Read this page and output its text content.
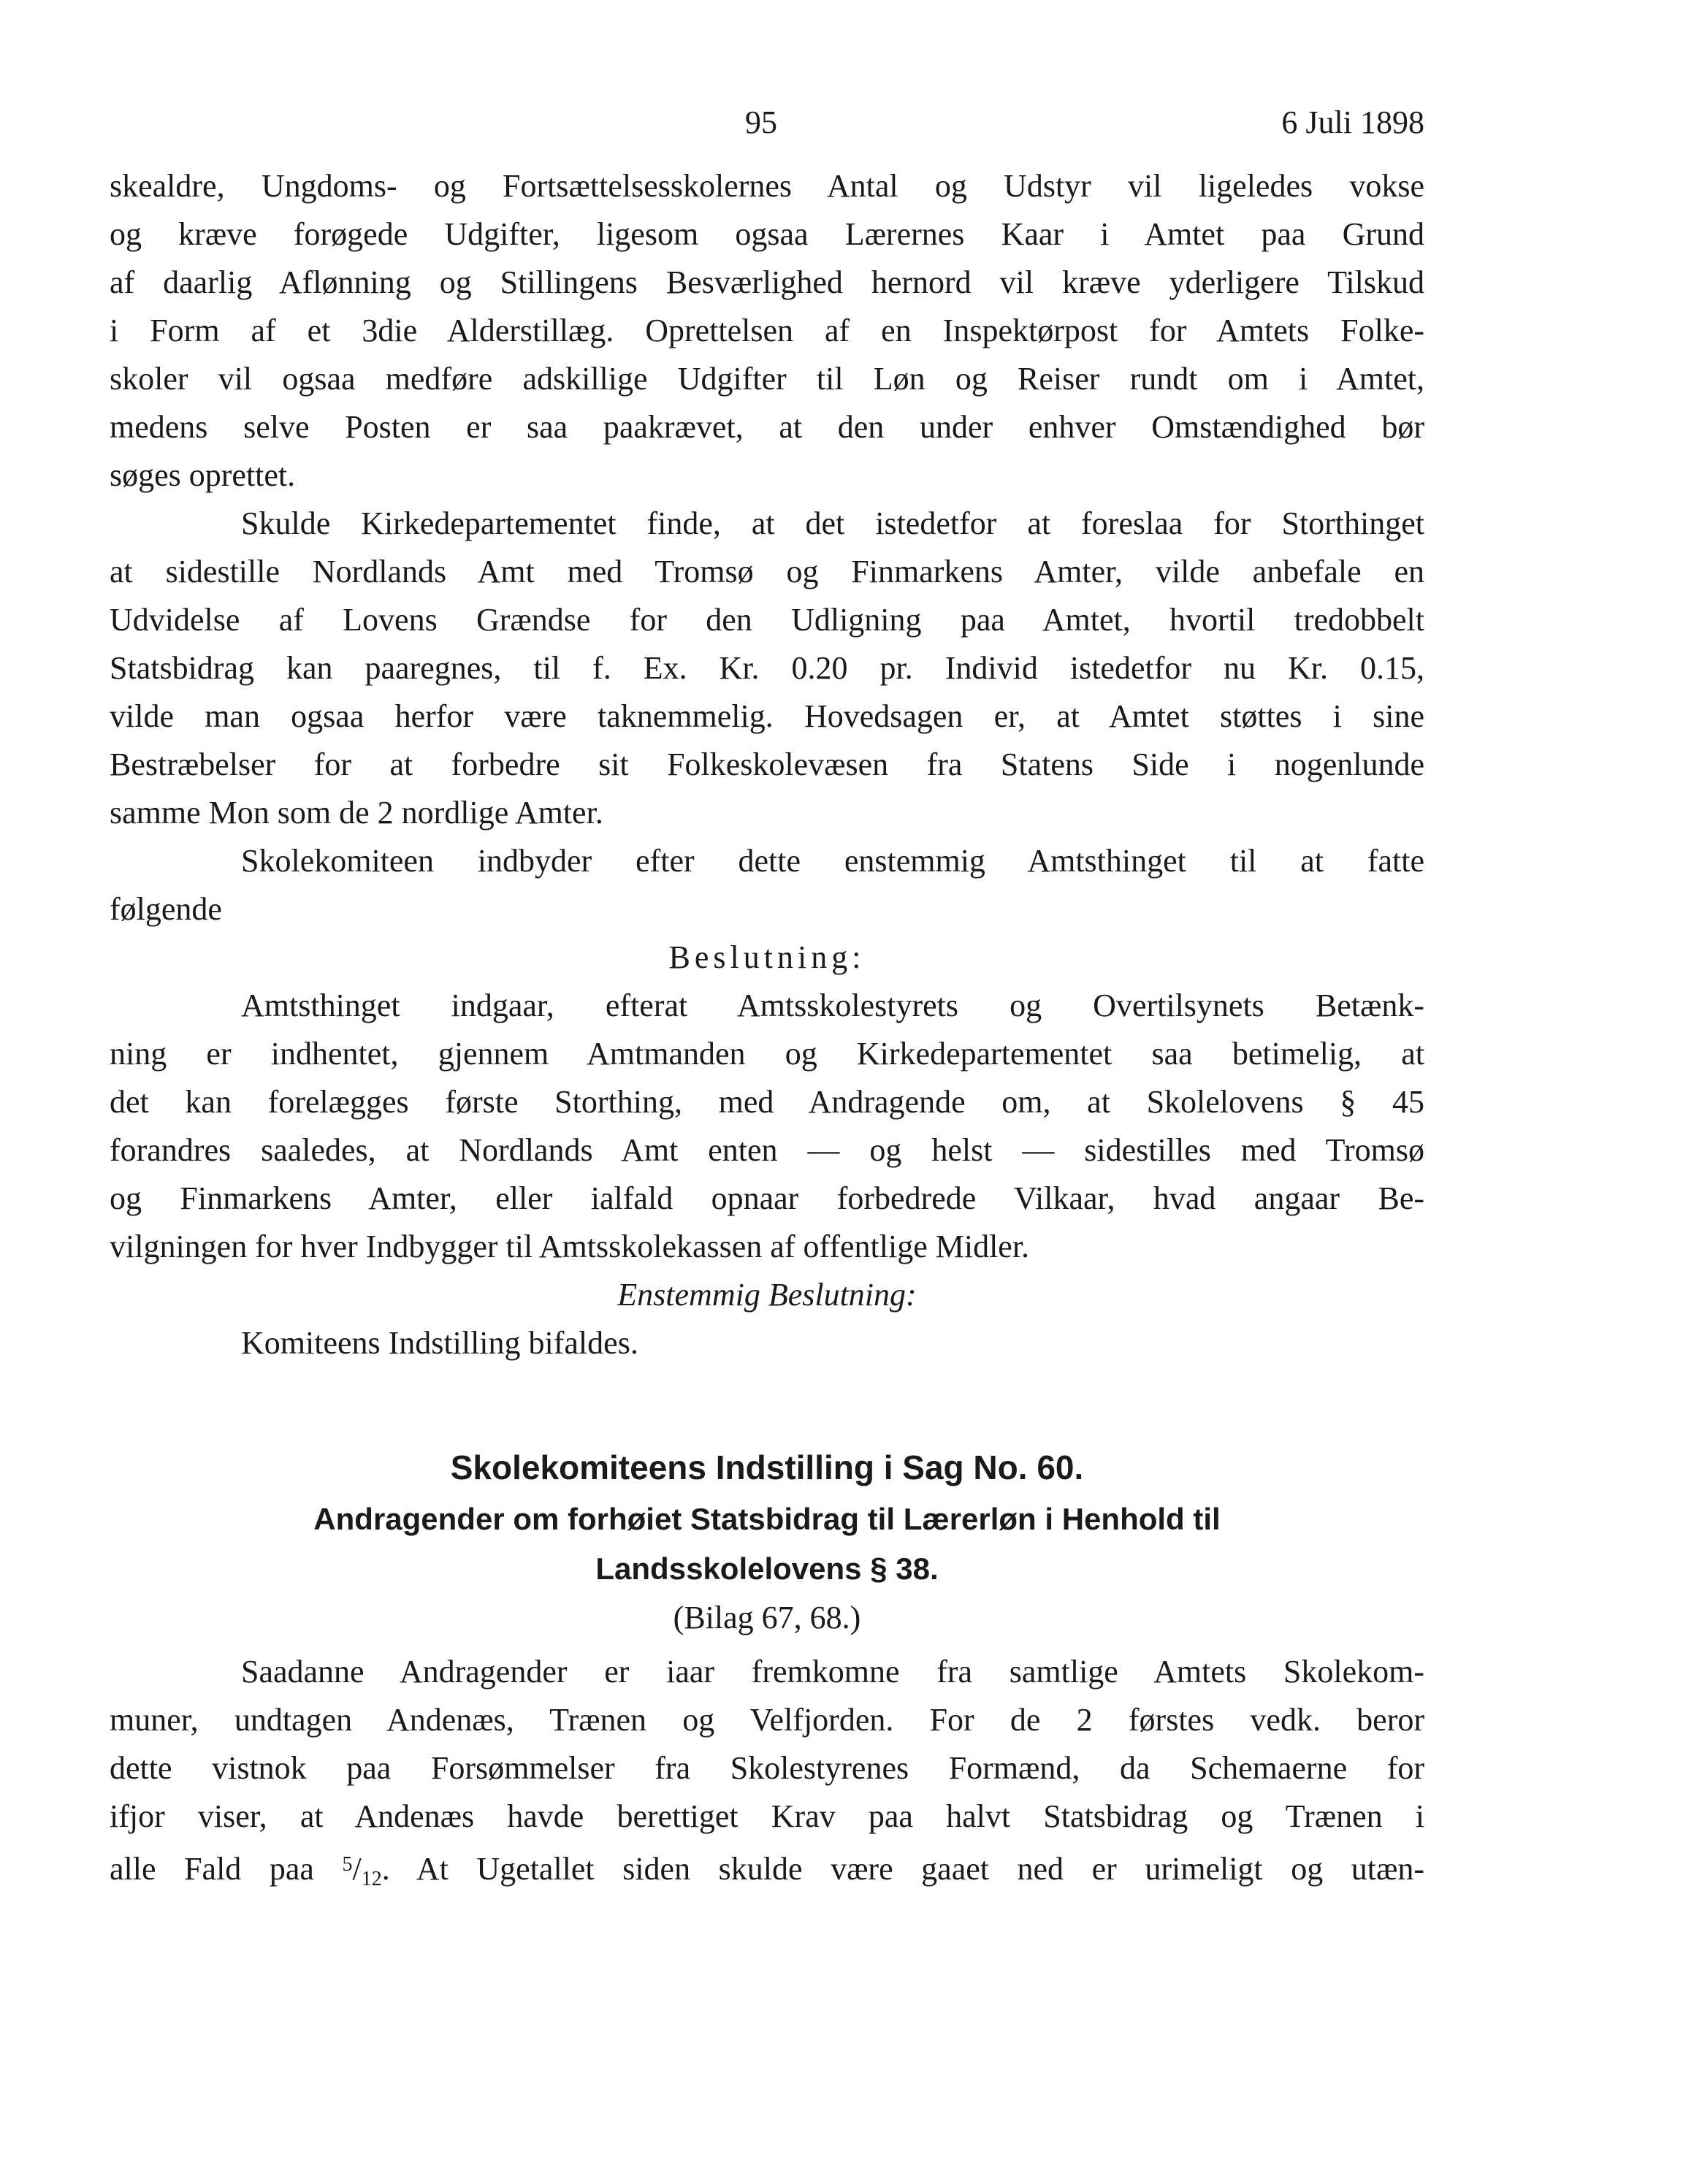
95	6 Juli 1898
skealdre, Ungdoms- og Fortsættelsesskolernes Antal og Udstyr vil ligeledes vokse
og kræve forøgede Udgifter, ligesom ogsaa Lærernes Kaar i Amtet paa Grund
af daarlig Aflønning og Stillingens Besværlighed hernord vil kræve yderligere Tilskud
i Form af et 3die Alderstillæg. Oprettelsen af en Inspektørpost for Amtets Folke-
skoler vil ogsaa medføre adskillige Udgifter til Løn og Reiser rundt om i Amtet,
medens selve Posten er saa paakrævet, at den under enhver Omstændighed bør
søges oprettet.
Skulde Kirkedepartementet finde, at det istedetfor at foreslaa for Storthinget
at sidestille Nordlands Amt med Tromsø og Finmarkens Amter, vilde anbefale en
Udvidelse af Lovens Grændse for den Udligning paa Amtet, hvortil tredobbelt
Statsbidrag kan paaregnes, til f. Ex. Kr. 0.20 pr. Individ istedetfor nu Kr. 0.15,
vilde man ogsaa herfor være taknemmelig. Hovedsagen er, at Amtet støttes i sine
Bestræbelser for at forbedre sit Folkeskolevæsen fra Statens Side i nogenlunde
samme Mon som de 2 nordlige Amter.
Skolekomiteen indbyder efter dette enstemmig Amtsthinget til at fatte
følgende
Beslutning:
Amtsthinget indgaar, efterat Amtsskolestyrets og Overtilsynets Betænk-
ning er indhentet, gjennem Amtmanden og Kirkedepartementet saa betimelig, at
det kan forelægges første Storthing, med Andragende om, at Skolelovens § 45
forandres saaledes, at Nordlands Amt enten — og helst — sidestilles med Tromsø
og Finmarkens Amter, eller ialfald opnaar forbedrede Vilkaar, hvad angaar Be-
vilgningen for hver Indbygger til Amtsskolekassen af offentlige Midler.
Enstemmig Beslutning:
Komiteens Indstilling bifaldes.
Skolekomiteens Indstilling i Sag No. 60.
Andragender om forhøiet Statsbidrag til Lærerløn i Henhold til
Landsskolelovens § 38.
(Bilag 67, 68.)
Saadanne Andragender er iaar fremkomne fra samtlige Amtets Skolekom-
muner, undtagen Andenæs, Trænen og Velfjorden. For de 2 førstes vedk. beror
dette vistnok paa Forsømmelser fra Skolestyrenes Formænd, da Schemaerne for
ifjor viser, at Andenæs havde berettiget Krav paa halvt Statsbidrag og Trænen i
alle Fald paa $^5/_{12}$. At Ugetallet siden skulde være gaaet ned er urimeligt og utæn-
